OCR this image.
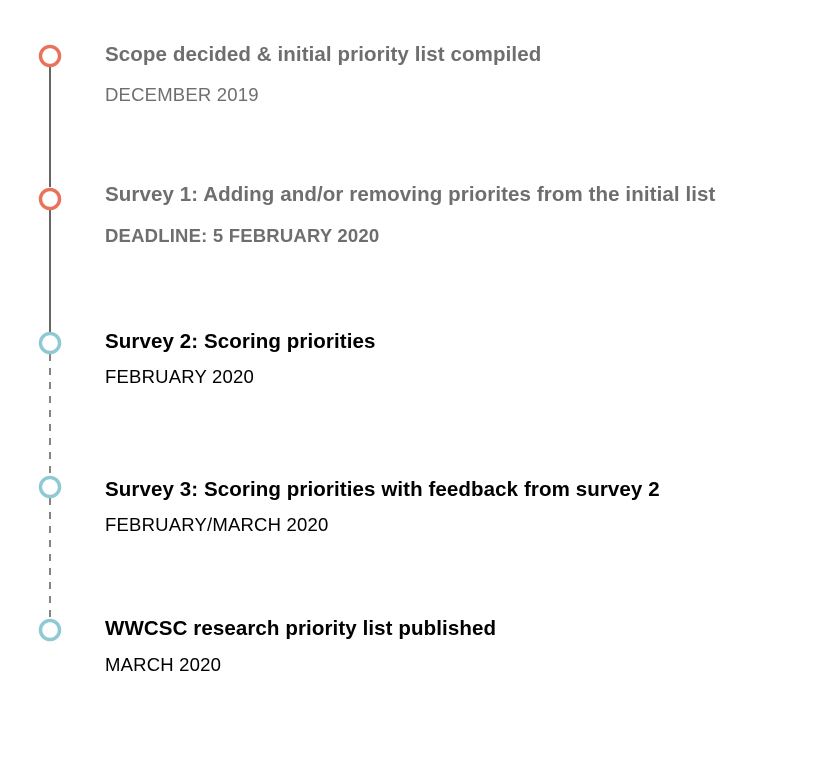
Scope decided & initial priority list compiled
DECEMBER 2019
Survey 1: Adding and/or removing priorites from the initial list
DEADLINE: 5 FEBRUARY 2020
Survey 2: Scoring priorities
FEBRUARY 2020
Survey 3: Scoring priorities with feedback from survey 2
FEBRUARY/MARCH 2020
WWCSC research priority list published
MARCH 2020
